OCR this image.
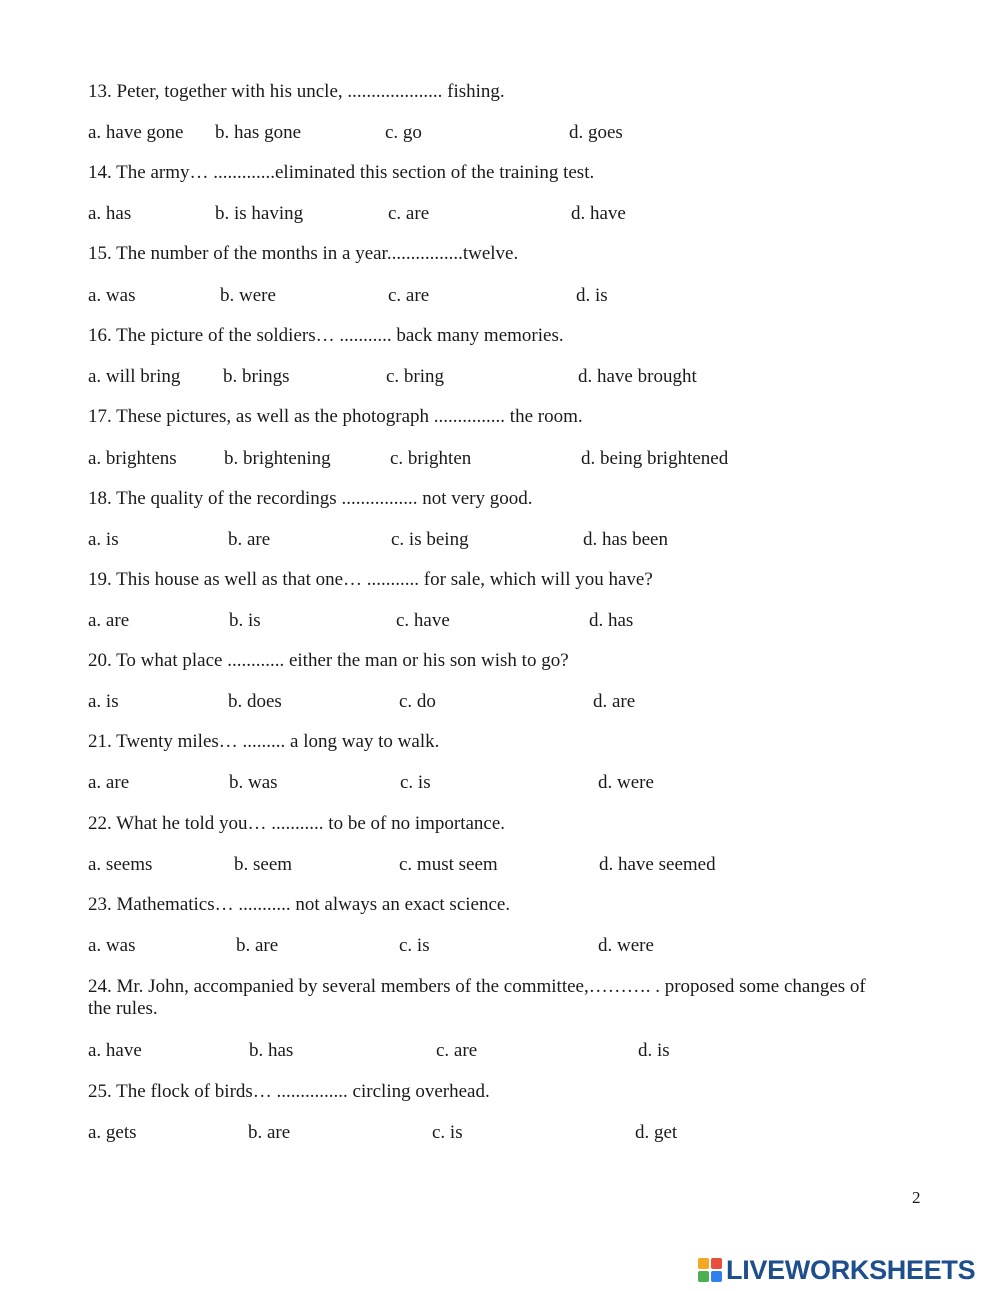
13. Peter, together with his uncle, .................... fishing.
a. have gone b. has gone	c. go	d. goes
14. The army… .............eliminated this section of the training test.
a. has	b. is having	c. are	d. have
15. The number of the months in a year................twelve.
a. was	b. were	c. are	d. is
16. The picture of the soldiers… ........... back many memories.
a. will bring b. brings	c. bring	d. have brought
17. These pictures, as well as the photograph ............... the room.
a. brightens b. brightening	c. brighten	d. being brightened
18. The quality of the recordings ................ not very good.
a. is	b. are	c. is being	d. has been
19. This house as well as that one… ........... for sale, which will you have?
a. are	b. is	c. have	d. has
20. To what place ............ either the man or his son wish to go?
a. is	b. does	c. do	d. are
21. Twenty miles… ......... a long way to walk.
a. are	b. was	c. is	d. were
22. What he told you… ........... to be of no importance.
a. seems	b. seem	c. must seem	d. have seemed
23. Mathematics… ........... not always an exact science.
a. was	b. are	c. is	d. were
24. Mr. John, accompanied by several members of the committee,………. . proposed some changes of the rules.
a. have	b. has	c. are	d. is
25. The flock of birds… ............... circling overhead.
a. gets	b. are	c. is	d. get
2
LIVEWORKSHEETS
